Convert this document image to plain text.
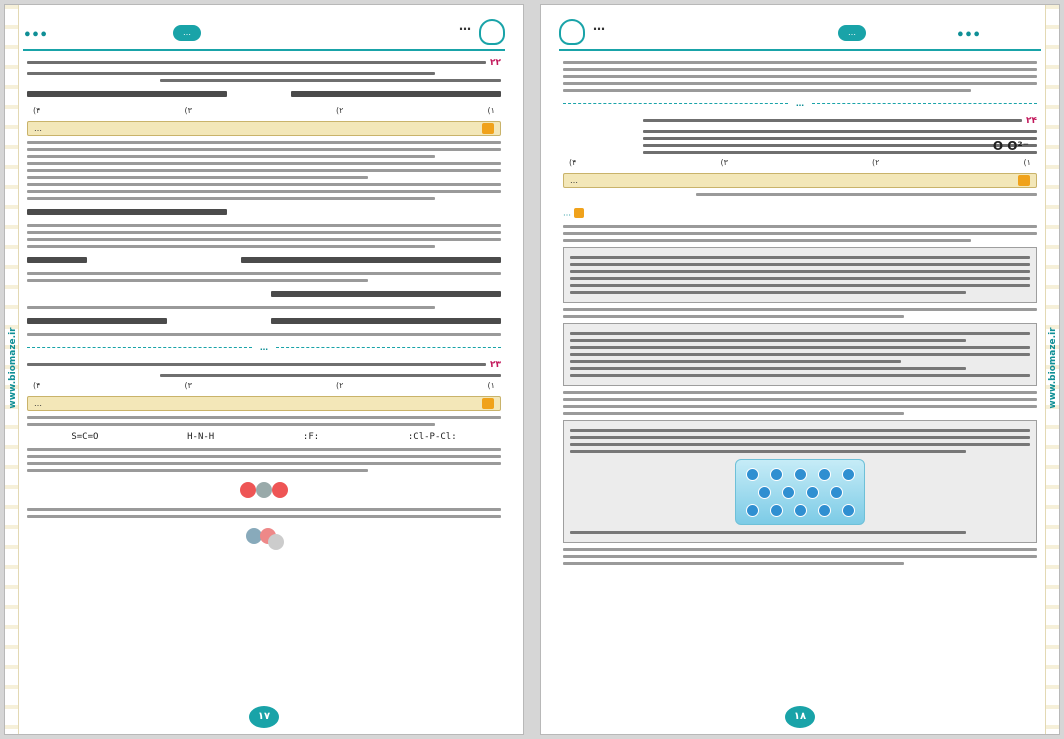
www.biomaze.ir
…
…
…
۲۲
(۴	(۳	(۲	(۱
…
…
۲۳
(۴	(۳	(۲	(۱
…
S=C=O	H-N-H	:F:	:Cl-P-Cl:
۱۷
www.biomaze.ir
…
…
…
…
O O²⁻
۲۴
(۴	(۳	(۲	(۱
…
…
۱۸
